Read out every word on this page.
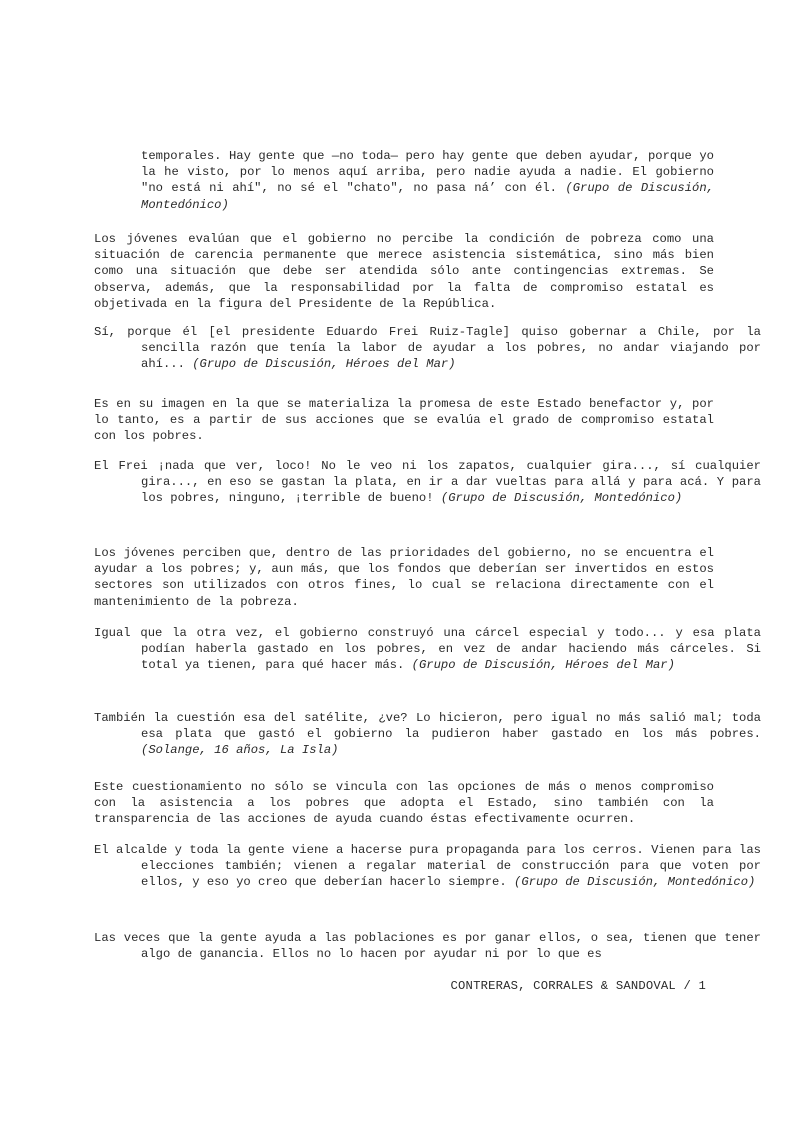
temporales. Hay gente que —no toda— pero hay gente que deben ayudar, porque yo la he visto, por lo menos aquí arriba, pero nadie ayuda a nadie. El gobierno "no está ni ahí", no sé el "chato", no pasa ná’ con él. (Grupo de Discusión, Montedónico)

Los jóvenes evalúan que el gobierno no percibe la condición de pobreza como una situación de carencia permanente que merece asistencia sistemática, sino más bien como una situación que debe ser atendida sólo ante contingencias extremas. Se observa, además, que la responsabilidad por la falta de compromiso estatal es objetivada en la figura del Presidente de la República.

Sí, porque él [el presidente Eduardo Frei Ruiz-Tagle] quiso gobernar a Chile, por la sencilla razón que tenía la labor de ayudar a los pobres, no andar viajando por ahí... (Grupo de Discusión, Héroes del Mar)

Es en su imagen en la que se materializa la promesa de este Estado benefactor y, por lo tanto, es a partir de sus acciones que se evalúa el grado de compromiso estatal con los pobres.

El Frei ¡nada que ver, loco! No le veo ni los zapatos, cualquier gira..., sí cualquier gira..., en eso se gastan la plata, en ir a dar vueltas para allá y para acá. Y para los pobres, ninguno, ¡terrible de bueno! (Grupo de Discusión, Montedónico)

Los jóvenes perciben que, dentro de las prioridades del gobierno, no se encuentra el ayudar a los pobres; y, aun más, que los fondos que deberían ser invertidos en estos sectores son utilizados con otros fines, lo cual se relaciona directamente con el mantenimiento de la pobreza.

Igual que la otra vez, el gobierno construyó una cárcel especial y todo... y esa plata podían haberla gastado en los pobres, en vez de andar haciendo más cárceles. Si total ya tienen, para qué hacer más. (Grupo de Discusión, Héroes del Mar)

También la cuestión esa del satélite, ¿ve? Lo hicieron, pero igual no más salió mal; toda esa plata que gastó el gobierno la pudieron haber gastado en los más pobres. (Solange, 16 años, La Isla)

Este cuestionamiento no sólo se vincula con las opciones de más o menos compromiso con la asistencia a los pobres que adopta el Estado, sino también con la transparencia de las acciones de ayuda cuando éstas efectivamente ocurren.

El alcalde y toda la gente viene a hacerse pura propaganda para los cerros. Vienen para las elecciones también; vienen a regalar material de construcción para que voten por ellos, y eso yo creo que deberían hacerlo siempre. (Grupo de Discusión, Montedónico)

Las veces que la gente ayuda a las poblaciones es por ganar ellos, o sea, tienen que tener algo de ganancia. Ellos no lo hacen por ayudar ni por lo que es

CONTRERAS, CORRALES & SANDOVAL / 1
